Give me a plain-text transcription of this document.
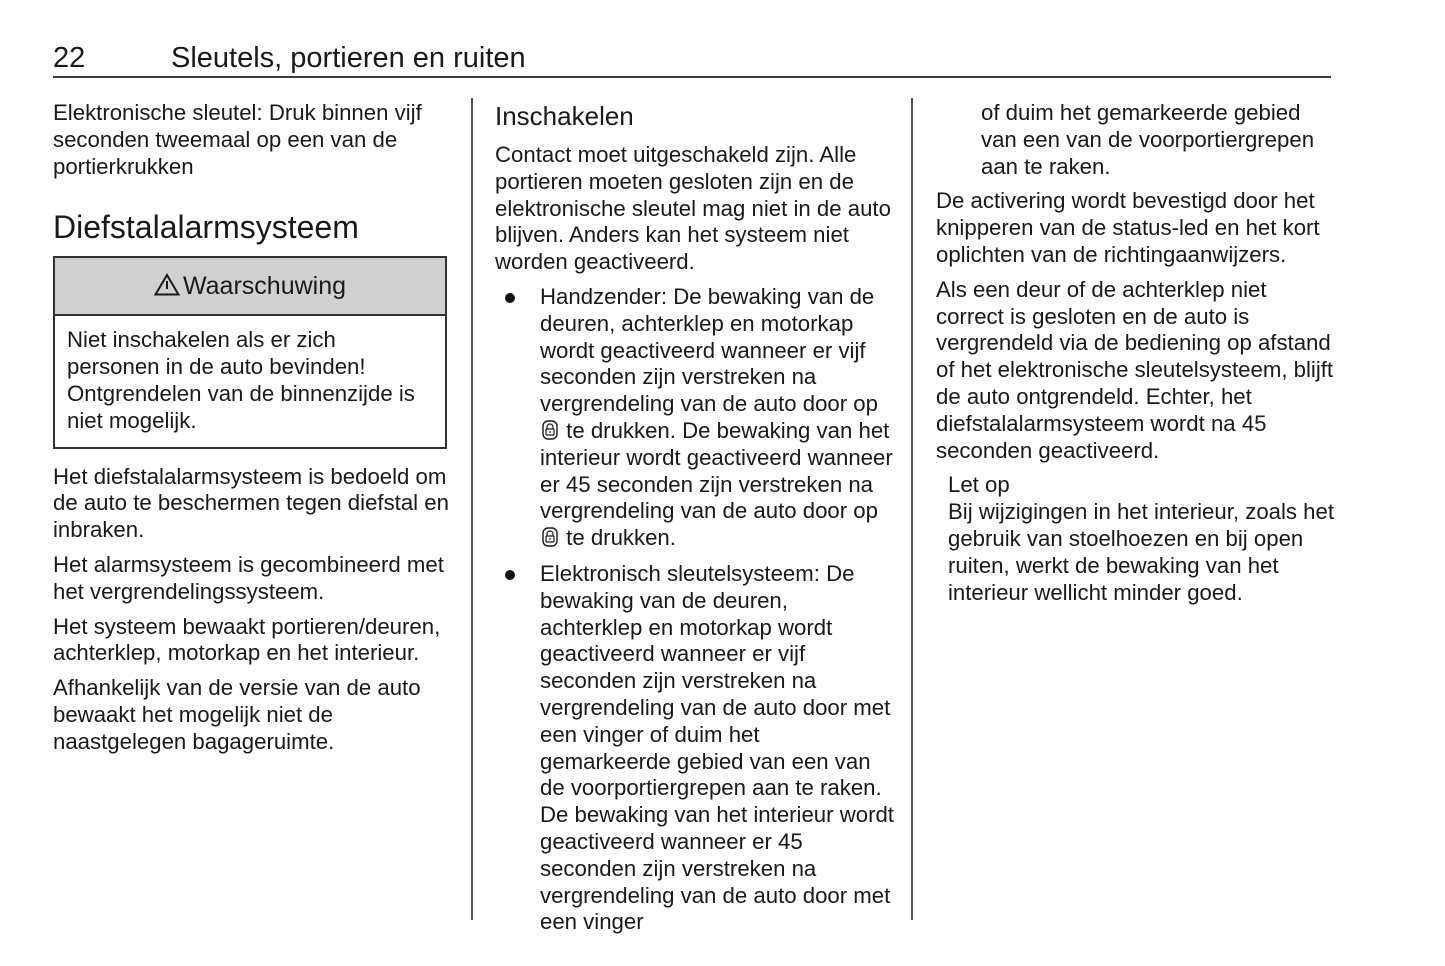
22	Sleutels, portieren en ruiten

Elektronische sleutel: Druk binnen vijf seconden tweemaal op een van de portierkrukken

Diefstalalarmsysteem
Waarschuwing
Niet inschakelen als er zich personen in de auto bevinden! Ontgrendelen van de binnenzijde is niet mogelijk.

Het diefstalalarmsysteem is bedoeld om de auto te beschermen tegen diefstal en inbraken.

Het alarmsysteem is gecombineerd met het vergrendelingssysteem.

Het systeem bewaakt portieren/deuren, achterklep, motorkap en het interieur.

Afhankelijk van de versie van de auto bewaakt het mogelijk niet de naastgelegen bagageruimte.

Inschakelen

Contact moet uitgeschakeld zijn. Alle portieren moeten gesloten zijn en de elektronische sleutel mag niet in de auto blijven. Anders kan het systeem niet worden geactiveerd.

Handzender: De bewaking van de deuren, achterklep en motorkap wordt geactiveerd wanneer er vijf seconden zijn verstreken na vergrendeling van de auto door op  te drukken. De bewaking van het interieur wordt geactiveerd wanneer er 45 seconden zijn verstreken na vergrendeling van de auto door op  te drukken.
Elektronisch sleutelsysteem: De bewaking van de deuren, achterklep en motorkap wordt geactiveerd wanneer er vijf seconden zijn verstreken na vergrendeling van de auto door met een vinger of duim het gemarkeerde gebied van een van de voorportiergrepen aan te raken. De bewaking van het interieur wordt geactiveerd wanneer er 45 seconden zijn verstreken na vergrendeling van de auto door met een vinger
of duim het gemarkeerde gebied van een van de voorportiergrepen aan te raken.

De activering wordt bevestigd door het knipperen van de status-led en het kort oplichten van de richtingaanwijzers.

Als een deur of de achterklep niet correct is gesloten en de auto is vergrendeld via de bediening op afstand of het elektronische sleutelsysteem, blijft de auto ontgrendeld. Echter, het diefstalalarmsysteem wordt na 45 seconden geactiveerd.

Let op
Bij wijzigingen in het interieur, zoals het gebruik van stoelhoezen en bij open ruiten, werkt de bewaking van het interieur wellicht minder goed.
